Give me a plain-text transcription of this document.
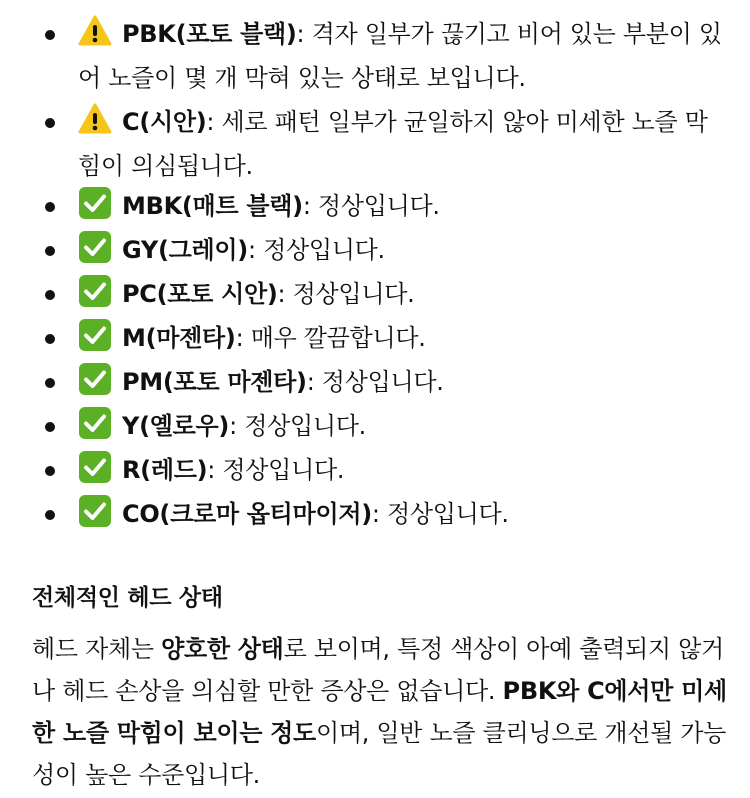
PBK(포토 블랙): 격자 일부가 끊기고 비어 있는 부분이 있어 노즐이 몇 개 막혀 있는 상태로 보입니다.
C(시안): 세로 패턴 일부가 균일하지 않아 미세한 노즐 막힘이 의심됩니다.
MBK(매트 블랙): 정상입니다.
GY(그레이): 정상입니다.
PC(포토 시안): 정상입니다.
M(마젠타): 매우 깔끔합니다.
PM(포토 마젠타): 정상입니다.
Y(옐로우): 정상입니다.
R(레드): 정상입니다.
CO(크로마 옵티마이저): 정상입니다.
전체적인 헤드 상태

헤드 자체는 양호한 상태로 보이며, 특정 색상이 아예 출력되지 않거나 헤드 손상을 의심할 만한 증상은 없습니다. PBK와 C에서만 미세한 노즐 막힘이 보이는 정도이며, 일반 노즐 클리닝으로 개선될 가능성이 높은 수준입니다.
